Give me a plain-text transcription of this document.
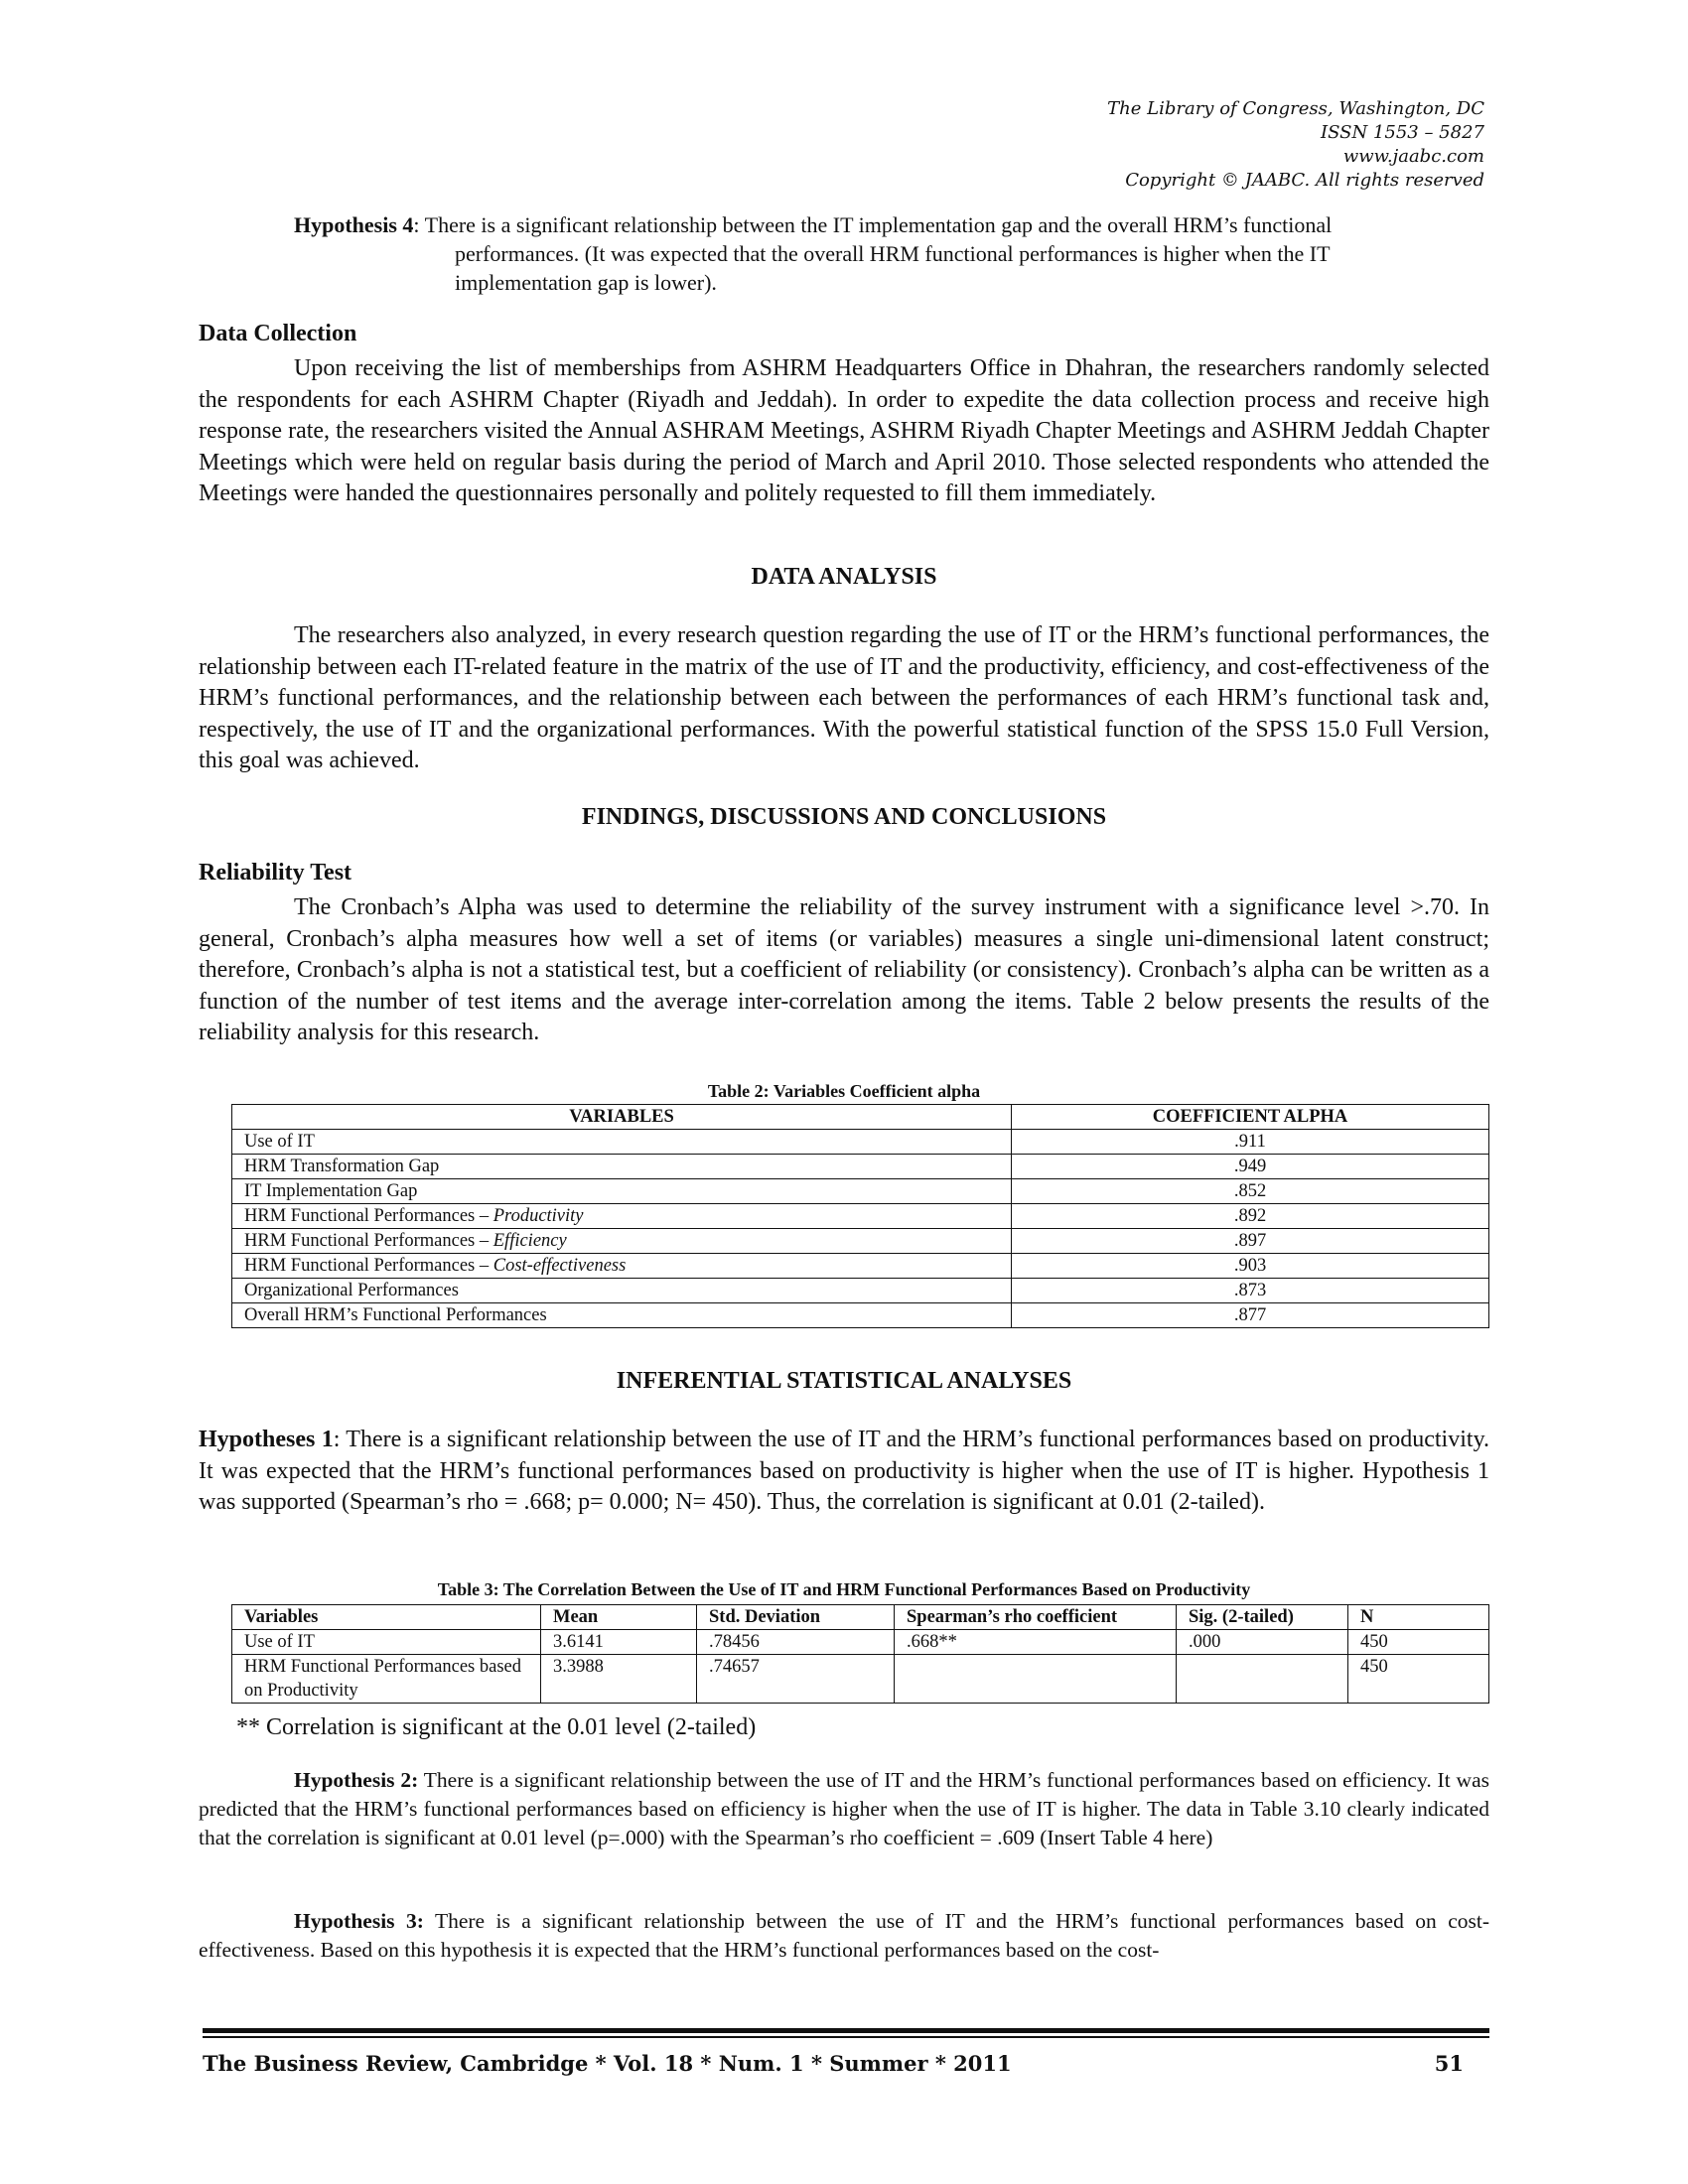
The Library of Congress, Washington, DC
ISSN 1553 – 5827
www.jaabc.com
Copyright © JAABC. All rights reserved
Hypothesis 4: There is a significant relationship between the IT implementation gap and the overall HRM’s functional
performances. (It was expected that the overall HRM functional performances is higher when the IT
implementation gap is lower).
Data Collection
Upon receiving the list of memberships from ASHRM Headquarters Office in Dhahran, the researchers randomly selected the respondents for each ASHRM Chapter (Riyadh and Jeddah). In order to expedite the data collection process and receive high response rate, the researchers visited the Annual ASHRAM Meetings, ASHRM Riyadh Chapter Meetings and ASHRM Jeddah Chapter Meetings which were held on regular basis during the period of March and April 2010. Those selected respondents who attended the Meetings were handed the questionnaires personally and politely requested to fill them immediately.
DATA ANALYSIS
The researchers also analyzed, in every research question regarding the use of IT or the HRM’s functional performances, the relationship between each IT-related feature in the matrix of the use of IT and the productivity, efficiency, and cost-effectiveness of the HRM’s functional performances, and the relationship between each between the performances of each HRM’s functional task and, respectively, the use of IT and the organizational performances. With the powerful statistical function of the SPSS 15.0 Full Version, this goal was achieved.
FINDINGS, DISCUSSIONS AND CONCLUSIONS
Reliability Test
The Cronbach’s Alpha was used to determine the reliability of the survey instrument with a significance level >.70. In general, Cronbach’s alpha measures how well a set of items (or variables) measures a single uni-dimensional latent construct; therefore, Cronbach’s alpha is not a statistical test, but a coefficient of reliability (or consistency). Cronbach’s alpha can be written as a function of the number of test items and the average inter-correlation among the items. Table 2 below presents the results of the reliability analysis for this research.
Table 2: Variables Coefficient alpha
VARIABLES	COEFFICIENT ALPHA
Use of IT	.911
HRM Transformation Gap	.949
IT Implementation Gap	.852
HRM Functional Performances – Productivity	.892
HRM Functional Performances – Efficiency	.897
HRM Functional Performances – Cost-effectiveness	.903
Organizational Performances	.873
Overall HRM’s Functional Performances	.877
INFERENTIAL STATISTICAL ANALYSES
Hypotheses 1: There is a significant relationship between the use of IT and the HRM’s functional performances based on productivity. It was expected that the HRM’s functional performances based on productivity is higher when the use of IT is higher. Hypothesis 1 was supported (Spearman’s rho = .668; p= 0.000; N= 450). Thus, the correlation is significant at 0.01 (2-tailed).
Table 3: The Correlation Between the Use of IT and HRM Functional Performances Based on Productivity
Variables	Mean	Std. Deviation	Spearman’s rho coefficient	Sig. (2-tailed)	N
Use of IT	3.6141	.78456	.668**	.000	450
HRM Functional Performances based on Productivity	3.3988	.74657			450
** Correlation is significant at the 0.01 level (2-tailed)
Hypothesis 2: There is a significant relationship between the use of IT and the HRM’s functional performances based on efficiency. It was predicted that the HRM’s functional performances based on efficiency is higher when the use of IT is higher. The data in Table 3.10 clearly indicated that the correlation is significant at 0.01 level (p=.000) with the Spearman’s rho coefficient = .609 (Insert Table 4 here)
Hypothesis 3: There is a significant relationship between the use of IT and the HRM’s functional performances based on cost-effectiveness. Based on this hypothesis it is expected that the HRM’s functional performances based on the cost-
The Business Review, Cambridge * Vol. 18 * Num. 1 * Summer * 2011	51
